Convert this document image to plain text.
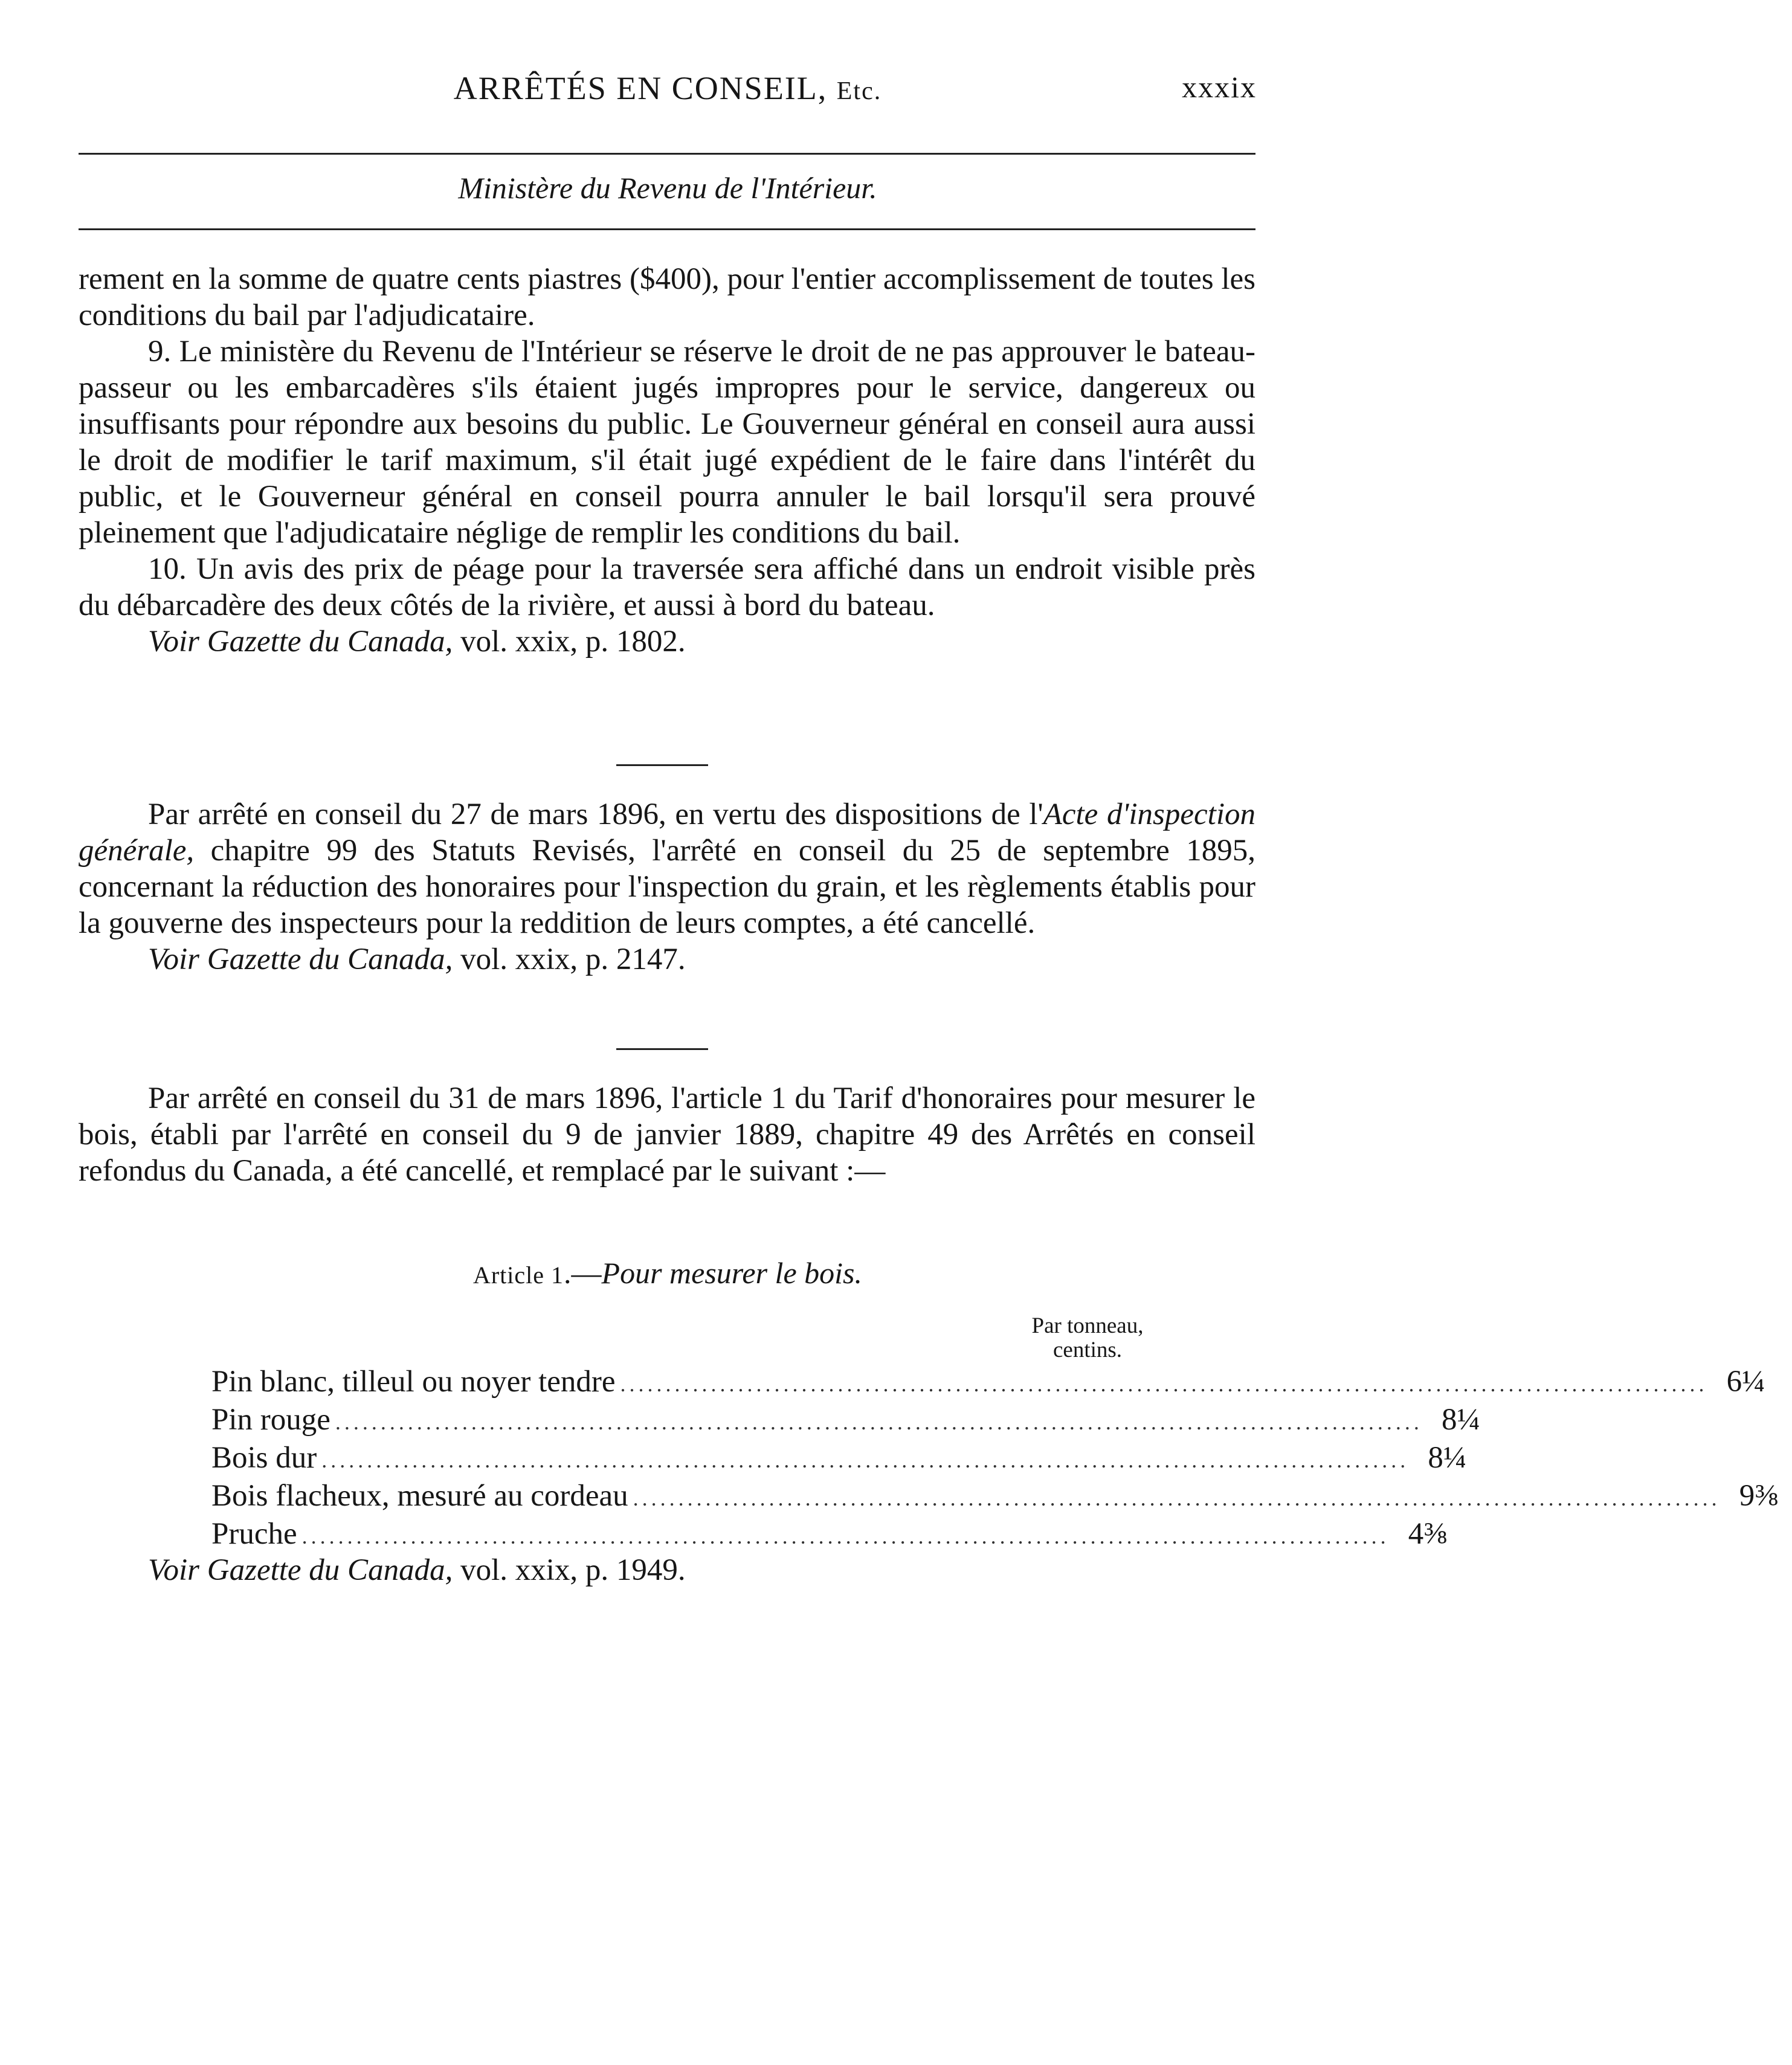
ARRÊTÉS EN CONSEIL, Etc.	xxxix
Ministère du Revenu de l'Intérieur.

rement en la somme de quatre cents piastres ($400), pour l'entier accomplissement de toutes les conditions du bail par l'adjudicataire.

9. Le ministère du Revenu de l'Intérieur se réserve le droit de ne pas approuver le bateau-passeur ou les embarcadères s'ils étaient jugés impropres pour le service, dangereux ou insuffisants pour répondre aux besoins du public. Le Gouverneur général en conseil aura aussi le droit de modifier le tarif maximum, s'il était jugé expédient de le faire dans l'intérêt du public, et le Gouverneur général en conseil pourra annuler le bail lorsqu'il sera prouvé pleinement que l'adjudicataire néglige de remplir les conditions du bail.

10. Un avis des prix de péage pour la traversée sera affiché dans un endroit visible près du débarcadère des deux côtés de la rivière, et aussi à bord du bateau.

Voir Gazette du Canada, vol. xxix, p. 1802.

Par arrêté en conseil du 27 de mars 1896, en vertu des dispositions de l'Acte d'inspection générale, chapitre 99 des Statuts Revisés, l'arrêté en conseil du 25 de septembre 1895, concernant la réduction des honoraires pour l'inspection du grain, et les règlements établis pour la gouverne des inspecteurs pour la reddition de leurs comptes, a été cancellé.

Voir Gazette du Canada, vol. xxix, p. 2147.

Par arrêté en conseil du 31 de mars 1896, l'article 1 du Tarif d'honoraires pour mesurer le bois, établi par l'arrêté en conseil du 9 de janvier 1889, chapitre 49 des Arrêtés en conseil refondus du Canada, a été cancellé, et remplacé par le suivant :—

Article 1.—Pour mesurer le bois.
Par tonneau,
centins.
Pin blanc, tilleul ou noyer tendre ........................................................................................................................ 6¼
Pin rouge ........................................................................................................................ 8¼
Bois dur ........................................................................................................................ 8¼
Bois flacheux, mesuré au cordeau ........................................................................................................................ 9⅜
Pruche ........................................................................................................................ 4⅜
Voir Gazette du Canada, vol. xxix, p. 1949.
